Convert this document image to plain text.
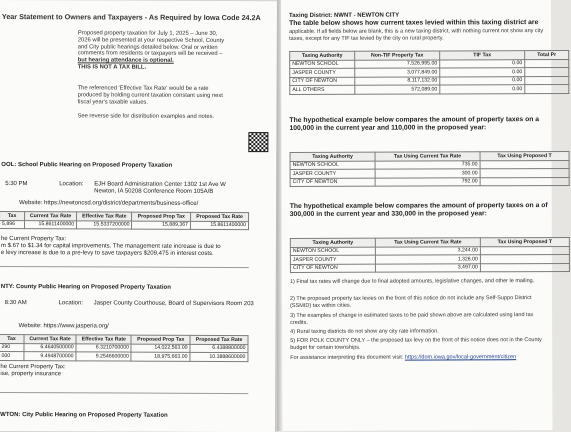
Year Statement to Owners and Taxpayers - As Required by Iowa Code 24.2A
Proposed property taxation for July 1, 2025 – June 30, 2026 will be presented at your respective School, County and City public hearings detailed below. Oral or written comments from residents or taxpayers will be received – but hearing attendance is optional.
THIS IS NOT A TAX BILL.
The referenced 'Effective Tax Rate' would be a rate produced by holding current taxation constant using next fiscal year's taxable values.
See reverse side for distribution examples and notes.
OOL: School Public Hearing on Proposed Property Taxation
5:30 PM	Location: EJH Board Administration Center 1302 1st Ave W Newton, IA 50208 Conference Room 105A/B
Website: https://newtoncsd.org/district/departments/business-office/
Tax	Current Tax Rate	Effective Tax Rate	Proposed Prop Tax	Proposed Tax Rate
5,896	15.8611400000	15.5337200000	15,889,367	15.8611400000
he Current Property Tax:
m $.67 to $1.34 for capital improvements. The management rate increase is due to
e levy increase is due to a pre-levy to save taxpayers $209,475 in interest costs.
NTY: County Public Hearing on Proposed Property Taxation
8:30 AM	Location: Jasper County Courthouse, Board of Supervisors Room 203
Website: https://www.jasperia.org/
Tax	Current Tax Rate	Effective Tax Rate	Proposed Prop Tax	Proposed Tax Rate
290	6.4640500000	6.3210700000	14,022,563.00	6.4388800000
000	9.4948700000	9.2546600000	18,975,663.00	10.3888600000
he Current Property Tax:
ise, property insurance
WTON: City Public Hearing on Proposed Property Taxation
Taxing District: NWNT - NEWTON CITY
The table below shows how current taxes levied within this taxing district are
applicable. If all fields below are blank, this is a new taxing district, with nothing current not show any city taxes, except for any TIF tax levied by the city on rural property.
Taxing Authority	Non-TIF Property Tax	TIF Tax	Total Pr
NEWTON SCHOOL	7,526,995.00	0.00	
JASPER COUNTY	3,077,849.00	0.00	
CITY OF NEWTON	8,117,132.00	0.00	
ALL OTHERS	572,089.00	0.00	
The hypothetical example below compares the amount of property taxes on a 100,000 in the current year and 110,000 in the proposed year:
Taxing Authority	Tax Using Current Tax Rate	Tax Using Proposed T
NEWTON SCHOOL	735.00	
JASPER COUNTY	300.00	
CITY OF NEWTON	792.00	
The hypothetical example below compares the amount of property taxes on a of 300,000 in the current year and 330,000 in the proposed year:
Taxing Authority	Tax Using Current Tax Rate	Tax Using Proposed T
NEWTON SCHOOL	3,244.00	
JASPER COUNTY	1,326.00	
CITY OF NEWTON	3,497.00	
1) Final tax rates will change due to final adopted amounts, legislative changes, and other le mailing.
2) The proposed property tax levies on the front of this notice do not include any Self-Suppo District (SSMID) tax within cities.
3) The examples of change in estimated taxes to be paid shown above are calculated using land tax credits.
4) Rural taxing districts do not show any city rate information.
5) FOR POLK COUNTY ONLY – the proposed tax levy on the front of this notice does not in the County budget for certain townships.
For assistance interpreting this document visit: https://dom.iowa.gov/local-government/citizen
